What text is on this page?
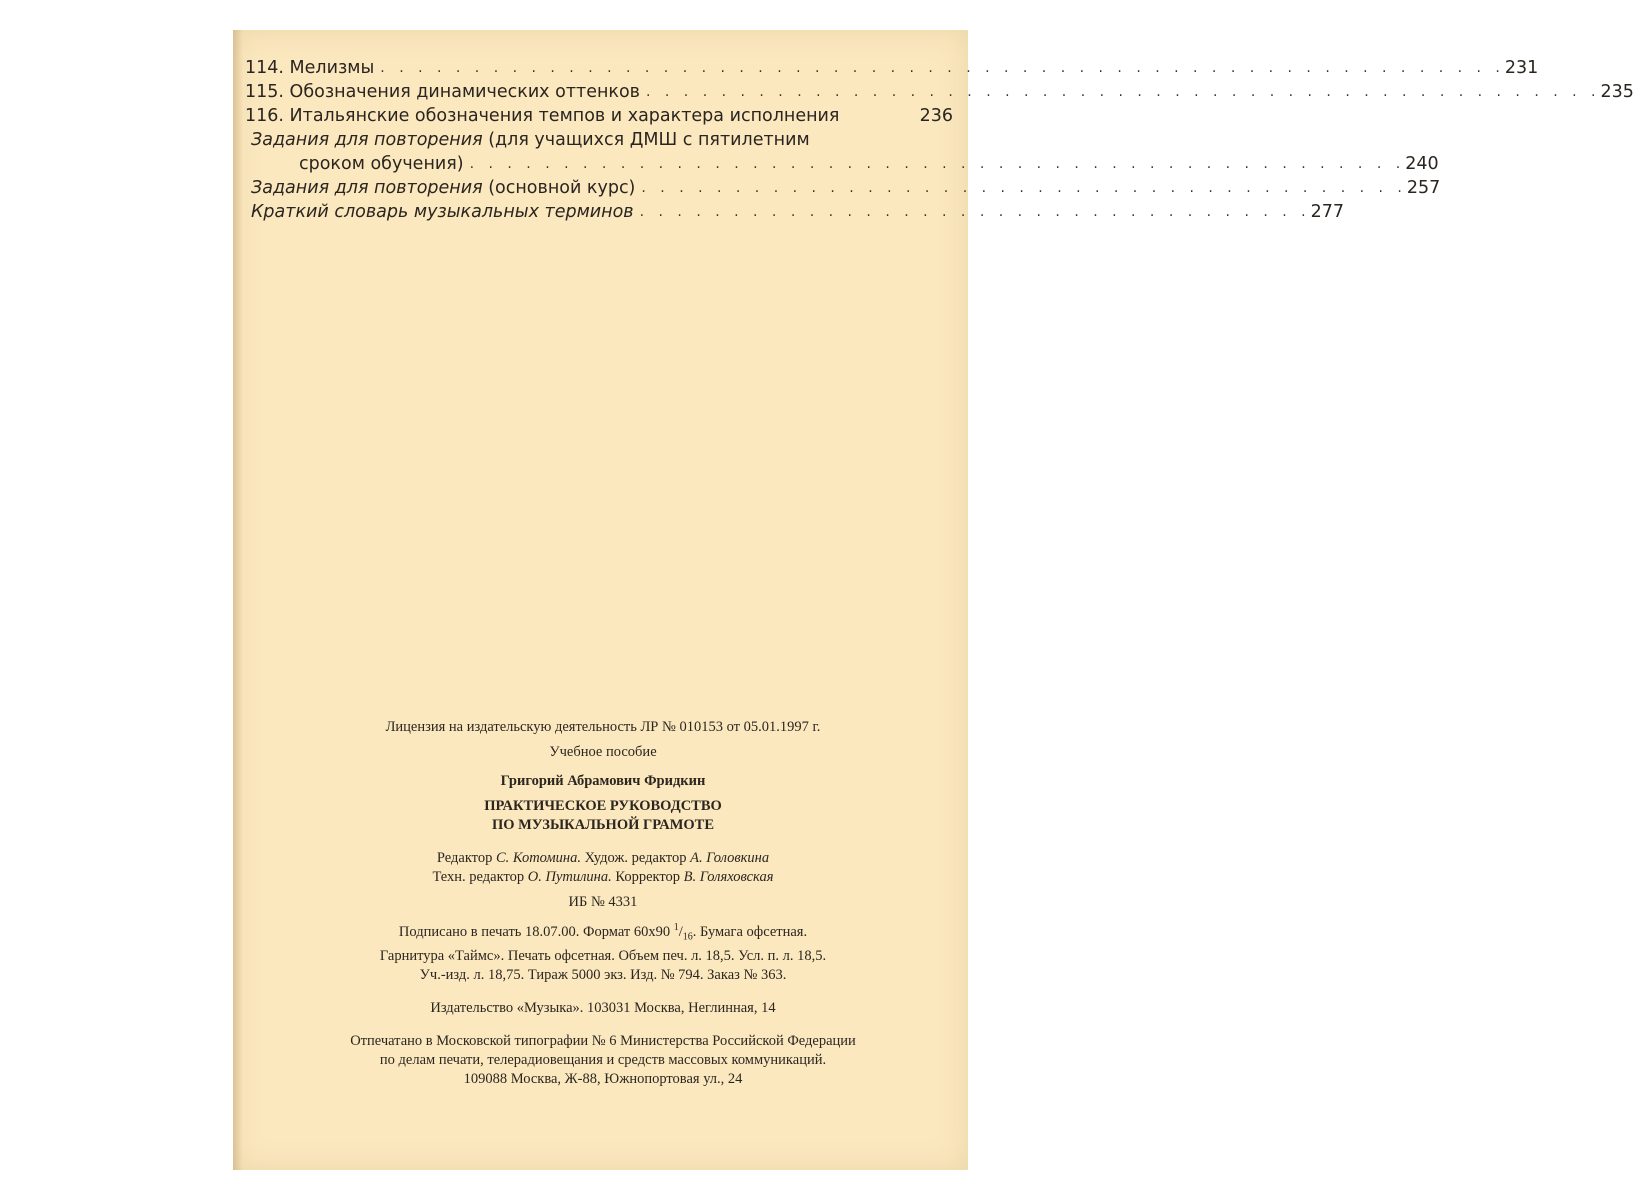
114. Мелизмы . . . . . . . . . . . . . . . . . . . . . . . . . . . . . . . . . . . . . . . . . . . . . . . . . . . . . . . . . . . . 231
115. Обозначения динамических оттенков . . . . . . . . . . . . . . . . . . . . . . . . . . . . . . . . . . . . . . . . . . . . . . . . . . . 235
116. Итальянские обозначения темпов и характера исполнения	236
Задания для повторения (для учащихся ДМШ с пятилетним
сроком обучения) . . . . . . . . . . . . . . . . . . . . . . . . . . . . . . . . . . . . . . . . . . . . . . . . . . 240
Задания для повторения (основной курс) . . . . . . . . . . . . . . . . . . . . . . . . . . . . . . . . . . . . . . . . . 257
Краткий словарь музыкальных терминов . . . . . . . . . . . . . . . . . . . . . . . . . . . . . . . . . . . . 277

Лицензия на издательскую деятельность ЛР № 010153 от 05.01.1997 г.

Учебное пособие

Григорий Абрамович Фридкин

ПРАКТИЧЕСКОЕ РУКОВОДСТВО

ПО МУЗЫКАЛЬНОЙ ГРАМОТЕ

Редактор С. Котомина. Худож. редактор А. Головкина

Техн. редактор О. Путилина. Корректор В. Голяховская

ИБ № 4331

Подписано в печать 18.07.00. Формат 60x90 $^1/_{16}$. Бумага офсетная.

Гарнитура «Таймс». Печать офсетная. Объем печ. л. 18,5. Усл. п. л. 18,5.

Уч.-изд. л. 18,75. Тираж 5000 экз. Изд. № 794. Заказ № 363.

Издательство «Музыка». 103031 Москва, Неглинная, 14

Отпечатано в Московской типографии № 6 Министерства Российской Федерации

по делам печати, телерадиовещания и средств массовых коммуникаций.

109088 Москва, Ж-88, Южнопортовая ул., 24
